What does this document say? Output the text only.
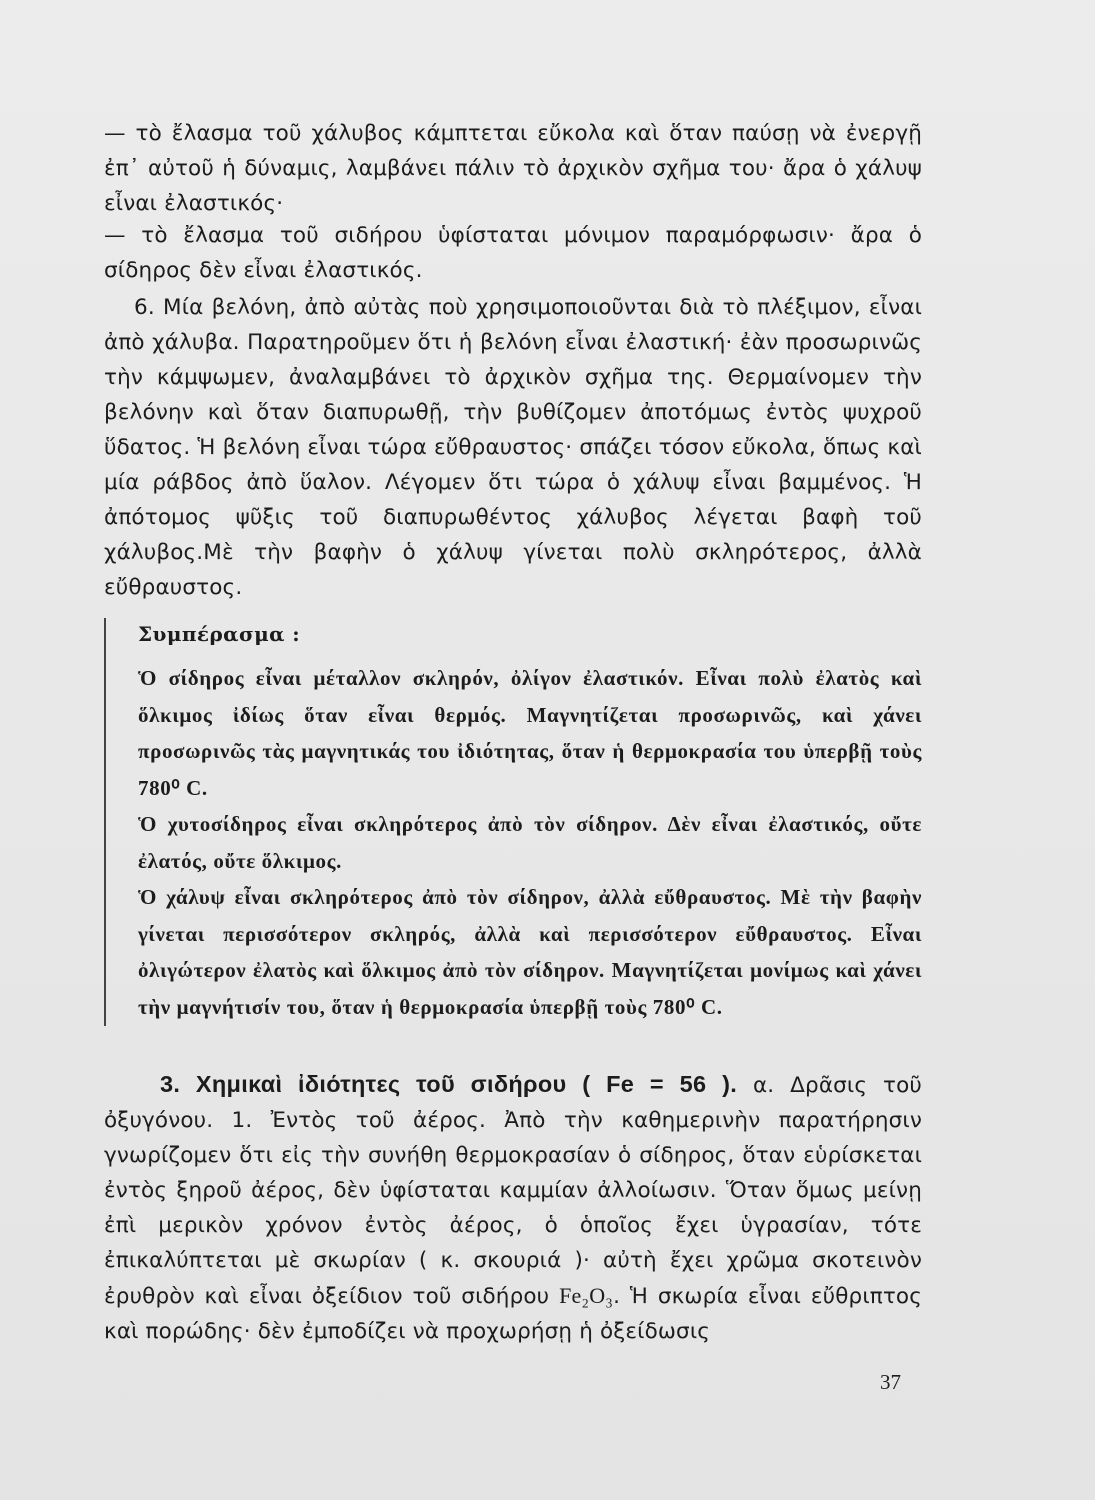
— τὸ ἔλασμα τοῦ χάλυβος κάμπτεται εὔκολα καὶ ὅταν παύσῃ νὰ ἐνεργῇ ἐπ᾽ αὐτοῦ ἡ δύναμις, λαμβάνει πάλιν τὸ ἀρχικὸν σχῆμα του· ἄρα ὁ χάλυψ εἶναι ἐλαστικός·
— τὸ ἔλασμα τοῦ σιδήρου ὑφίσταται μόνιμον παραμόρφωσιν· ἄρα ὁ σίδηρος δὲν εἶναι ἐλαστικός.
6. Μία βελόνη, ἀπὸ αὐτὰς ποὺ χρησιμοποιοῦνται διὰ τὸ πλέξιμον, εἶναι ἀπὸ χάλυβα. Παρατηροῦμεν ὅτι ἡ βελόνη εἶναι ἐλαστική· ἐὰν προσωρινῶς τὴν κάμψωμεν, ἀναλαμβάνει τὸ ἀρχικὸν σχῆμα της. Θερμαίνομεν τὴν βελόνην καὶ ὅταν διαπυρωθῇ, τὴν βυθίζομεν ἀποτόμως ἐντὸς ψυχροῦ ὕδατος. Ἡ βελόνη εἶναι τώρα εὔθραυστος· σπάζει τόσον εὔκολα, ὅπως καὶ μία ράβδος ἀπὸ ὕαλον. Λέγομεν ὅτι τώρα ὁ χάλυψ εἶναι βαμμένος. Ἡ ἀπότομος ψῦξις τοῦ διαπυρωθέντος χάλυβος λέγεται βαφὴ τοῦ χάλυβος.Μὲ τὴν βαφὴν ὁ χάλυψ γίνεται πολὺ σκληρότερος, ἀλλὰ εὔθραυστος.
Συμπέρασμα :

Ὁ σίδηρος εἶναι μέταλλον σκληρόν, ὀλίγον ἐλαστικόν. Εἶναι πολὺ ἐλατὸς καὶ ὅλκιμος ἰδίως ὅταν εἶναι θερμός. Μαγνητίζεται προσωρινῶς, καὶ χάνει προσωρινῶς τὰς μαγνητικάς του ἰδιότητας, ὅταν ἡ θερμοκρασία του ὑπερβῇ τοὺς 780⁰ C.

Ὁ χυτοσίδηρος εἶναι σκληρότερος ἀπὸ τὸν σίδηρον. Δὲν εἶναι ἐλαστικός, οὔτε ἐλατός, οὔτε ὅλκιμος.

Ὁ χάλυψ εἶναι σκληρότερος ἀπὸ τὸν σίδηρον, ἀλλὰ εὔθραυστος. Μὲ τὴν βαφὴν γίνεται περισσότερον σκληρός, ἀλλὰ καὶ περισσότερον εὔθραυστος. Εἶναι ὀλιγώτερον ἐλατὸς καὶ ὅλκιμος ἀπὸ τὸν σίδηρον. Μαγνητίζεται μονίμως καὶ χάνει τὴν μαγνήτισίν του, ὅταν ἡ θερμοκρασία ὑπερβῇ τοὺς 780⁰ C.

3. Χημικαὶ ἰδιότητες τοῦ σιδήρου ( Fe = 56 ). α. Δρᾶσις τοῦ ὀξυγόνου. 1. Ἐντὸς τοῦ ἀέρος. Ἀπὸ τὴν καθημερινὴν παρατήρησιν γνωρίζομεν ὅτι εἰς τὴν συνήθη θερμοκρασίαν ὁ σίδηρος, ὅταν εὑρίσκεται ἐντὸς ξηροῦ ἀέρος, δὲν ὑφίσταται καμμίαν ἀλλοίωσιν. Ὅταν ὅμως μείνῃ ἐπὶ μερικὸν χρόνον ἐντὸς ἀέρος, ὁ ὁποῖος ἔχει ὑγρασίαν, τότε ἐπικαλύπτεται μὲ σκωρίαν ( κ. σκουριά )· αὐτὴ ἔχει χρῶμα σκοτεινὸν ἐρυθρὸν καὶ εἶναι ὀξείδιον τοῦ σιδήρου Fe₂O₃. Ἡ σκωρία εἶναι εὔθριπτος καὶ πορώδης· δὲν ἐμποδίζει νὰ προχωρήσῃ ἡ ὀξείδωσις
37
